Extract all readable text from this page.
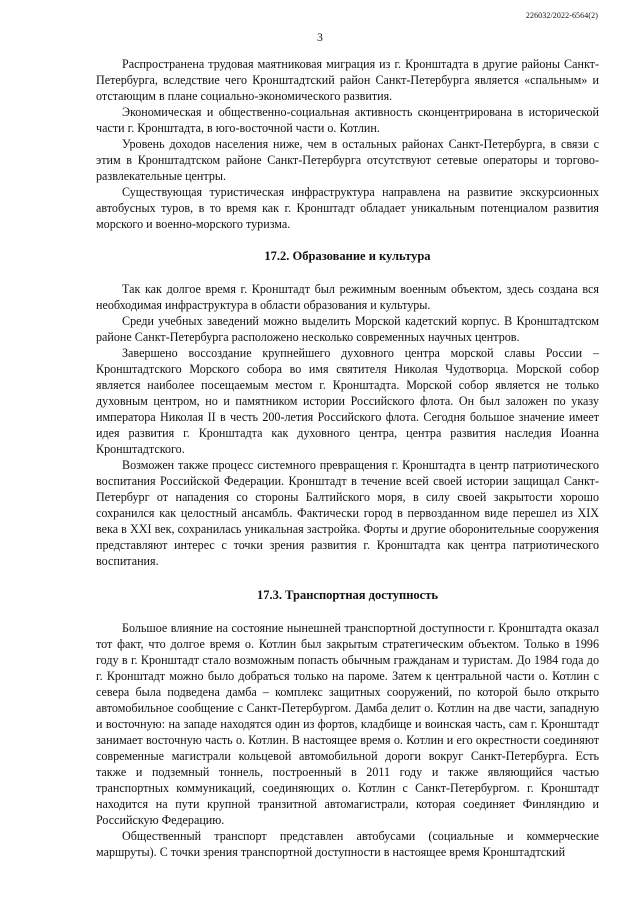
226032/2022-6564(2)
3

Распространена трудовая маятниковая миграция из г. Кронштадта в другие районы Санкт-Петербурга, вследствие чего Кронштадтский район Санкт-Петербурга является «спальным» и отстающим в плане социально-экономического развития.

Экономическая и общественно-социальная активность сконцентрирована в исторической части г. Кронштадта, в юго-восточной части о. Котлин.

Уровень доходов населения ниже, чем в остальных районах Санкт-Петербурга, в связи с этим в Кронштадтском районе Санкт-Петербурга отсутствуют сетевые операторы и торгово-развлекательные центры.

Существующая туристическая инфраструктура направлена на развитие экскурсионных автобусных туров, в то время как г. Кронштадт обладает уникальным потенциалом развития морского и военно-морского туризма.

17.2. Образование и культура

Так как долгое время г. Кронштадт был режимным военным объектом, здесь создана вся необходимая инфраструктура в области образования и культуры.

Среди учебных заведений можно выделить Морской кадетский корпус. В Кронштадтском районе Санкт-Петербурга расположено несколько современных научных центров.

Завершено воссоздание крупнейшего духовного центра морской славы России – Кронштадтского Морского собора во имя святителя Николая Чудотворца. Морской собор является наиболее посещаемым местом г. Кронштадта. Морской собор является не только духовным центром, но и памятником истории Российского флота. Он был заложен по указу императора Николая II в честь 200-летия Российского флота. Сегодня большое значение имеет идея развития г. Кронштадта как духовного центра, центра развития наследия Иоанна Кронштадтского.

Возможен также процесс системного превращения г. Кронштадта в центр патриотического воспитания Российской Федерации. Кронштадт в течение всей своей истории защищал Санкт-Петербург от нападения со стороны Балтийского моря, в силу своей закрытости хорошо сохранился как целостный ансамбль. Фактически город в первозданном виде перешел из XIX века в XXI век, сохранилась уникальная застройка. Форты и другие оборонительные сооружения представляют интерес с точки зрения развития г. Кронштадта как центра патриотического воспитания.

17.3. Транспортная доступность

Большое влияние на состояние нынешней транспортной доступности г. Кронштадта оказал тот факт, что долгое время о. Котлин был закрытым стратегическим объектом. Только в 1996 году в г. Кронштадт стало возможным попасть обычным гражданам и туристам. До 1984 года до г. Кронштадт можно было добраться только на пароме. Затем к центральной части о. Котлин с севера была подведена дамба – комплекс защитных сооружений, по которой было открыто автомобильное сообщение с Санкт-Петербургом. Дамба делит о. Котлин на две части, западную и восточную: на западе находятся один из фортов, кладбище и воинская часть, сам г. Кронштадт занимает восточную часть о. Котлин. В настоящее время о. Котлин и его окрестности соединяют современные магистрали кольцевой автомобильной дороги вокруг Санкт-Петербурга. Есть также и подземный тоннель, построенный в 2011 году и также являющийся частью транспортных коммуникаций, соединяющих о. Котлин с Санкт-Петербургом. г. Кронштадт находится на пути крупной транзитной автомагистрали, которая соединяет Финляндию и Российскую Федерацию.

Общественный транспорт представлен автобусами (социальные и коммерческие маршруты). С точки зрения транспортной доступности в настоящее время Кронштадтский
